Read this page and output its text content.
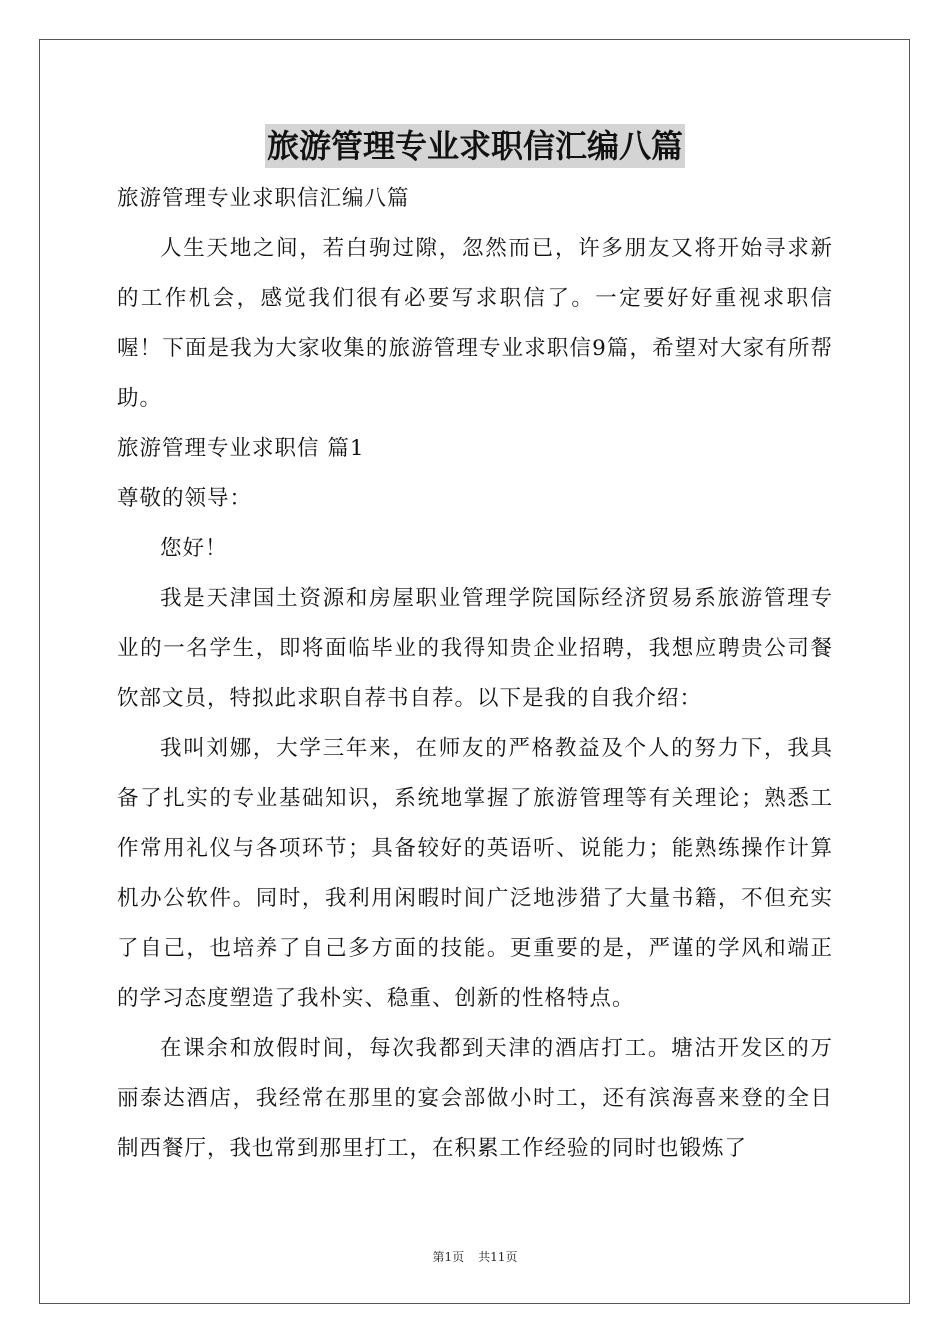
旅游管理专业求职信汇编八篇

旅游管理专业求职信汇编八篇

人生天地之间，若白驹过隙，忽然而已，许多朋友又将开始寻求新的工作机会，感觉我们很有必要写求职信了。一定要好好重视求职信喔！下面是我为大家收集的旅游管理专业求职信9篇，希望对大家有所帮助。

旅游管理专业求职信 篇1

尊敬的领导：

您好！

我是天津国土资源和房屋职业管理学院国际经济贸易系旅游管理专业的一名学生，即将面临毕业的我得知贵企业招聘，我想应聘贵公司餐饮部文员，特拟此求职自荐书自荐。以下是我的自我介绍：

我叫刘娜，大学三年来，在师友的严格教益及个人的努力下，我具备了扎实的专业基础知识，系统地掌握了旅游管理等有关理论；熟悉工作常用礼仪与各项环节；具备较好的英语听、说能力；能熟练操作计算机办公软件。同时，我利用闲暇时间广泛地涉猎了大量书籍，不但充实了自己，也培养了自己多方面的技能。更重要的是，严谨的学风和端正的学习态度塑造了我朴实、稳重、创新的性格特点。

在课余和放假时间，每次我都到天津的酒店打工。塘沽开发区的万丽泰达酒店，我经常在那里的宴会部做小时工，还有滨海喜来登的全日制西餐厅，我也常到那里打工，在积累工作经验的同时也锻炼了

第1页 共11页
